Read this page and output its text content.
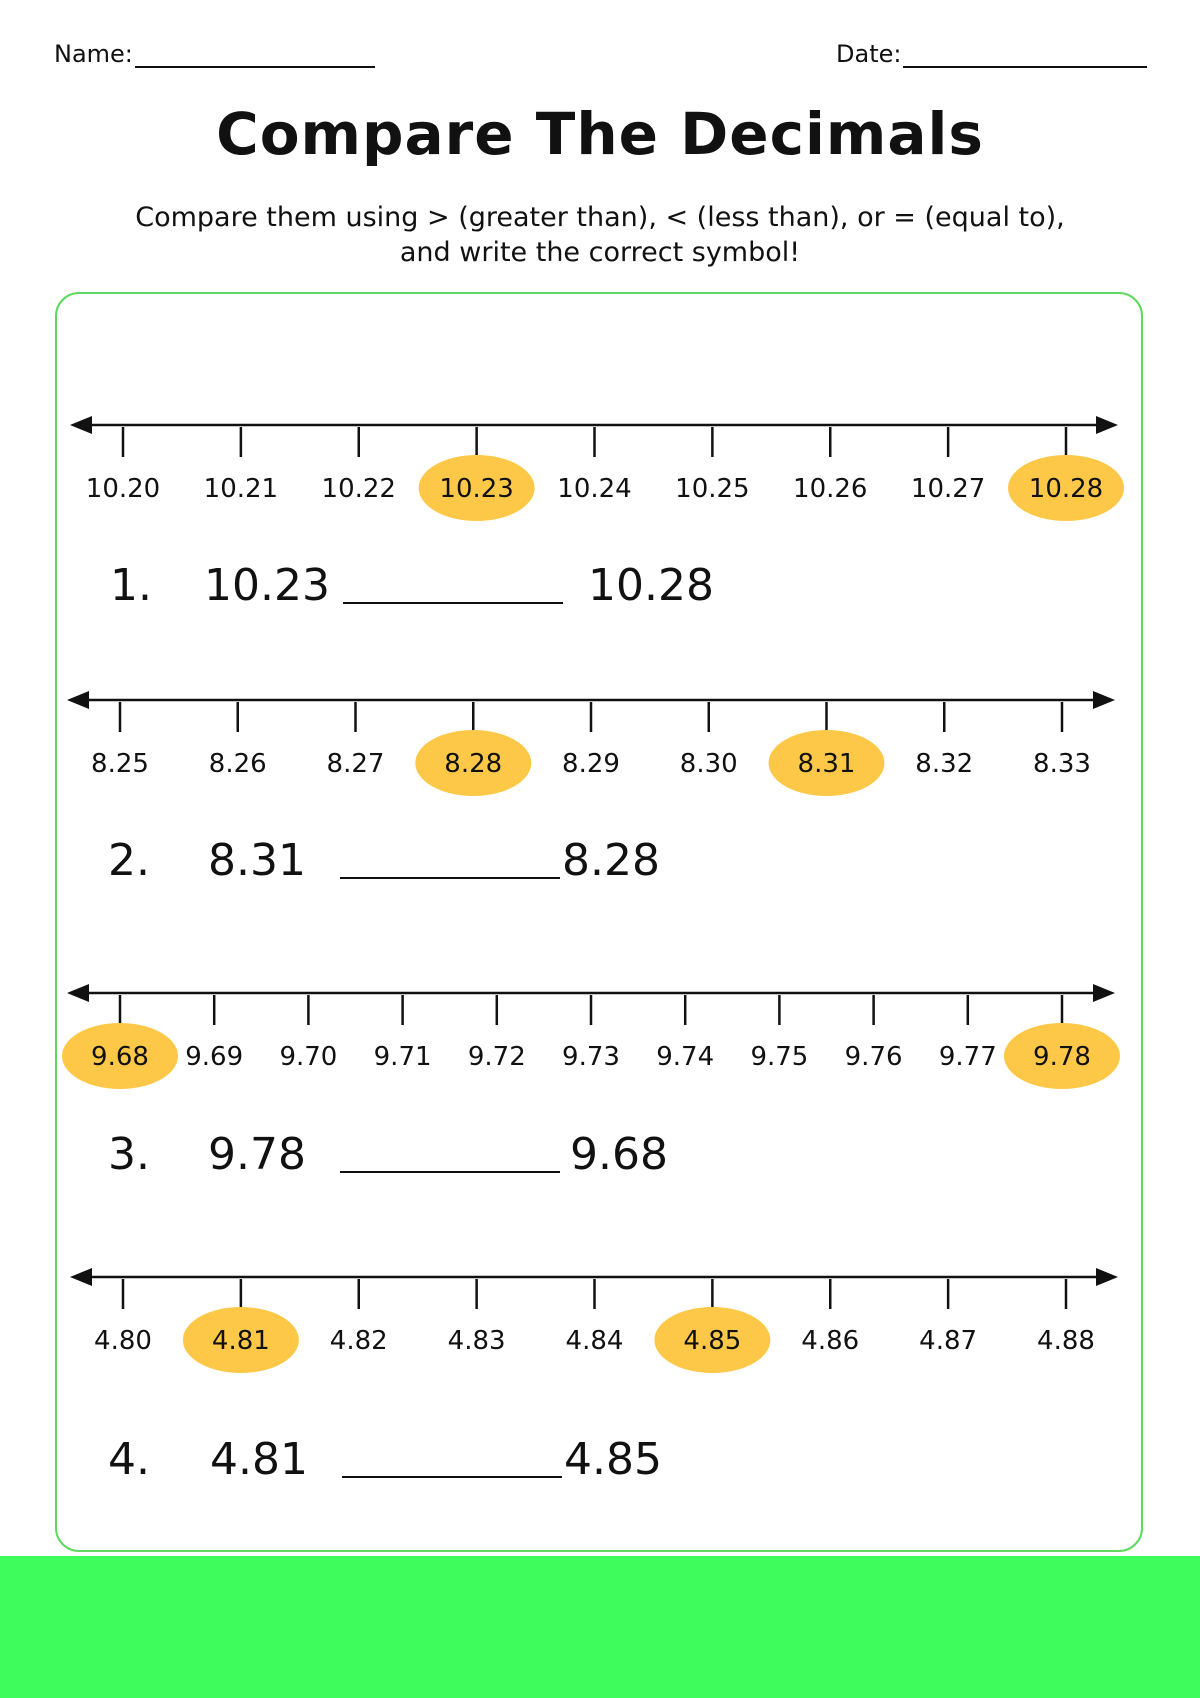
Name:	Date:
Compare The Decimals
Compare them using > (greater than), < (less than), or = (equal to),
and write the correct symbol!
10.20 10.21 10.22 10.23 10.24 10.25 10.26 10.27 10.28
8.25 8.26 8.27 8.28 8.29 8.30 8.31 8.32 8.33
9.68 9.69 9.70 9.71 9.72 9.73 9.74 9.75 9.76 9.77 9.78
4.80 4.81 4.82 4.83 4.84 4.85 4.86 4.87 4.88
1. 10.23	10.28
2. 8.31	8.28
3. 9.78	9.68
4. 4.81	4.85
